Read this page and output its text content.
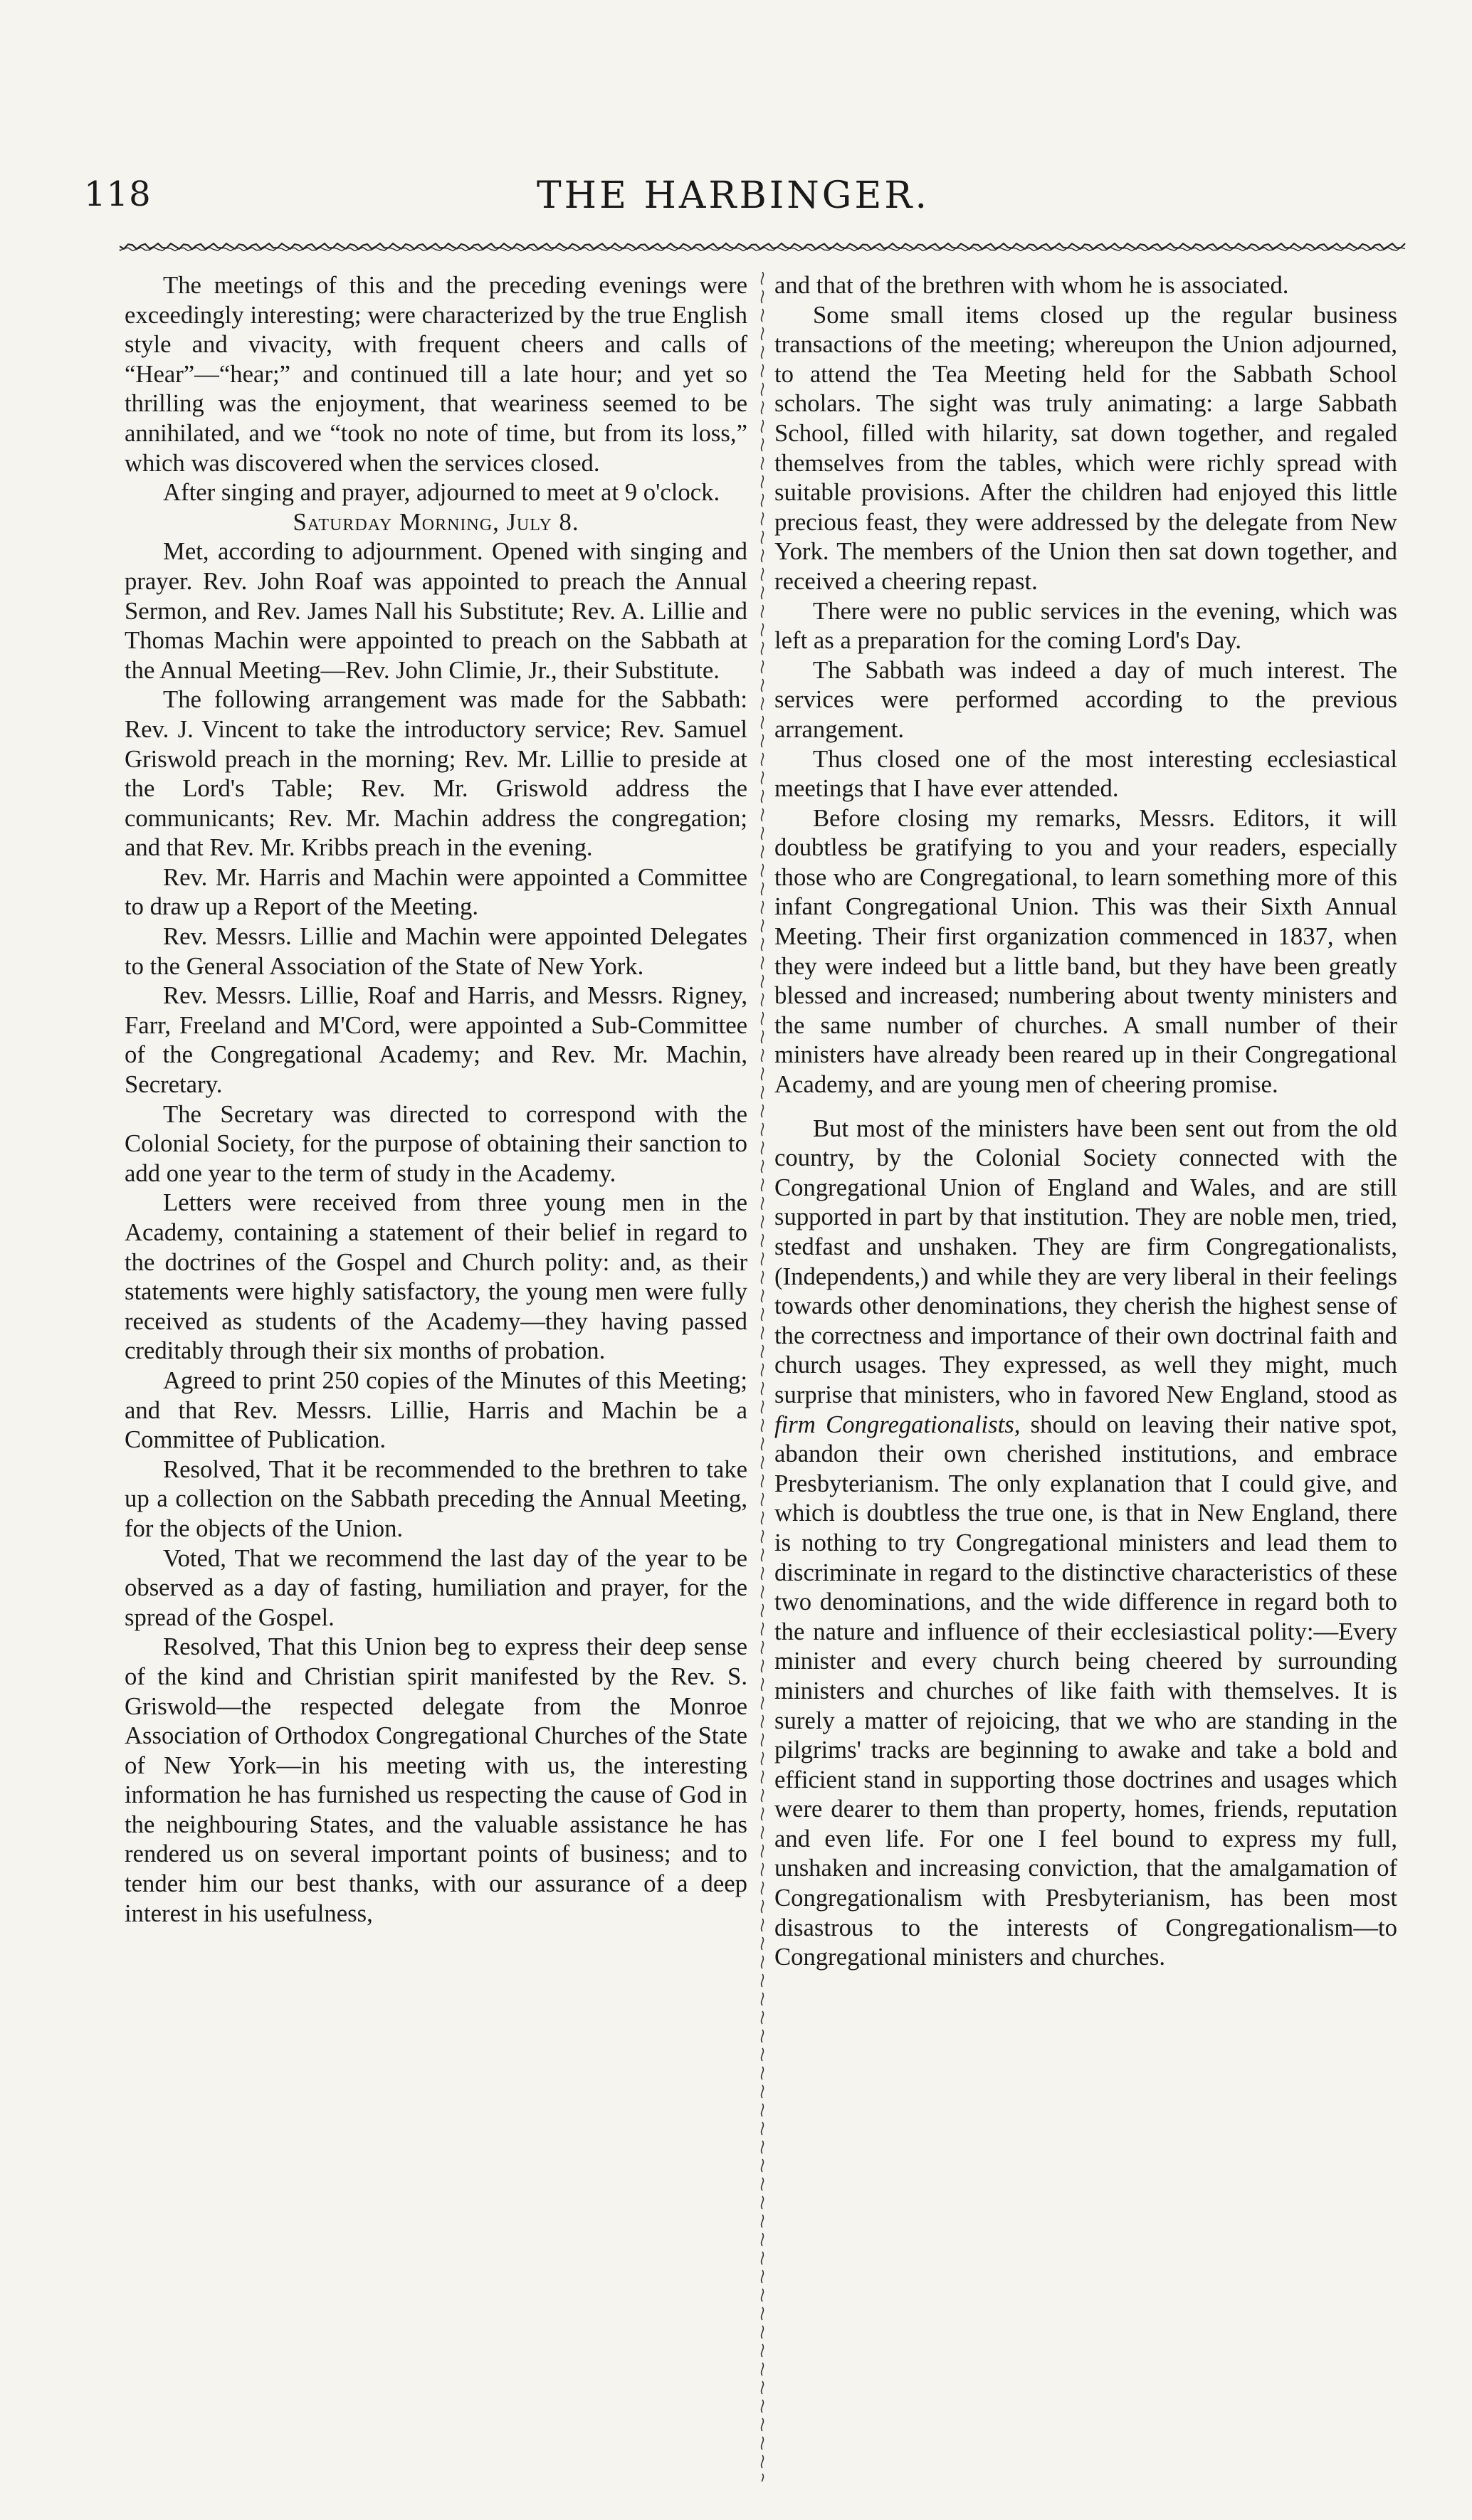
118	THE HARBINGER.

The meetings of this and the preceding evenings were exceedingly interesting; were characterized by the true English style and vivacity, with frequent cheers and calls of “Hear”—“hear;” and continued till a late hour; and yet so thrilling was the enjoyment, that weariness seemed to be annihilated, and we “took no note of time, but from its loss,” which was discovered when the services closed.

After singing and prayer, adjourned to meet at 9 o'clock.

Saturday Morning, July 8.

Met, according to adjournment. Opened with singing and prayer. Rev. John Roaf was appointed to preach the Annual Sermon, and Rev. James Nall his Substitute; Rev. A. Lillie and Thomas Machin were appointed to preach on the Sabbath at the Annual Meeting—Rev. John Climie, Jr., their Substitute.

The following arrangement was made for the Sabbath: Rev. J. Vincent to take the introductory service; Rev. Samuel Griswold preach in the morning; Rev. Mr. Lillie to preside at the Lord's Table; Rev. Mr. Griswold address the communicants; Rev. Mr. Machin address the congregation; and that Rev. Mr. Kribbs preach in the evening.

Rev. Mr. Harris and Machin were appointed a Committee to draw up a Report of the Meeting.

Rev. Messrs. Lillie and Machin were appointed Delegates to the General Association of the State of New York.

Rev. Messrs. Lillie, Roaf and Harris, and Messrs. Rigney, Farr, Freeland and M'Cord, were appointed a Sub-Committee of the Congregational Academy; and Rev. Mr. Machin, Secretary.

The Secretary was directed to correspond with the Colonial Society, for the purpose of obtaining their sanction to add one year to the term of study in the Academy.

Letters were received from three young men in the Academy, containing a statement of their belief in regard to the doctrines of the Gospel and Church polity: and, as their statements were highly satisfactory, the young men were fully received as students of the Academy—they having passed creditably through their six months of probation.

Agreed to print 250 copies of the Minutes of this Meeting; and that Rev. Messrs. Lillie, Harris and Machin be a Committee of Publication.

Resolved, That it be recommended to the brethren to take up a collection on the Sabbath preceding the Annual Meeting, for the objects of the Union.

Voted, That we recommend the last day of the year to be observed as a day of fasting, humiliation and prayer, for the spread of the Gospel.

Resolved, That this Union beg to express their deep sense of the kind and Christian spirit manifested by the Rev. S. Griswold—the respected delegate from the Monroe Association of Orthodox Congregational Churches of the State of New York—in his meeting with us, the interesting information he has furnished us respecting the cause of God in the neighbouring States, and the valuable assistance he has rendered us on several important points of business; and to tender him our best thanks, with our assurance of a deep interest in his usefulness,

and that of the brethren with whom he is associated.

Some small items closed up the regular business transactions of the meeting; whereupon the Union adjourned, to attend the Tea Meeting held for the Sabbath School scholars. The sight was truly animating: a large Sabbath School, filled with hilarity, sat down together, and regaled themselves from the tables, which were richly spread with suitable provisions. After the children had enjoyed this little precious feast, they were addressed by the delegate from New York. The members of the Union then sat down together, and received a cheering repast.

There were no public services in the evening, which was left as a preparation for the coming Lord's Day.

The Sabbath was indeed a day of much interest. The services were performed according to the previous arrangement.

Thus closed one of the most interesting ecclesiastical meetings that I have ever attended.

Before closing my remarks, Messrs. Editors, it will doubtless be gratifying to you and your readers, especially those who are Congregational, to learn something more of this infant Congregational Union. This was their Sixth Annual Meeting. Their first organization commenced in 1837, when they were indeed but a little band, but they have been greatly blessed and increased; numbering about twenty ministers and the same number of churches. A small number of their ministers have already been reared up in their Congregational Academy, and are young men of cheering promise.

But most of the ministers have been sent out from the old country, by the Colonial Society connected with the Congregational Union of England and Wales, and are still supported in part by that institution. They are noble men, tried, stedfast and unshaken. They are firm Congregationalists, (Independents,) and while they are very liberal in their feelings towards other denominations, they cherish the highest sense of the correctness and importance of their own doctrinal faith and church usages. They expressed, as well they might, much surprise that ministers, who in favored New England, stood as firm Congregationalists, should on leaving their native spot, abandon their own cherished institutions, and embrace Presbyterianism. The only explanation that I could give, and which is doubtless the true one, is that in New England, there is nothing to try Congregational ministers and lead them to discriminate in regard to the distinctive characteristics of these two denominations, and the wide difference in regard both to the nature and influence of their ecclesiastical polity:—Every minister and every church being cheered by surrounding ministers and churches of like faith with themselves. It is surely a matter of rejoicing, that we who are standing in the pilgrims' tracks are beginning to awake and take a bold and efficient stand in supporting those doctrines and usages which were dearer to them than property, homes, friends, reputation and even life. For one I feel bound to express my full, unshaken and increasing conviction, that the amalgamation of Congregationalism with Presbyterianism, has been most disastrous to the interests of Congregationalism—to Congregational ministers and churches.
